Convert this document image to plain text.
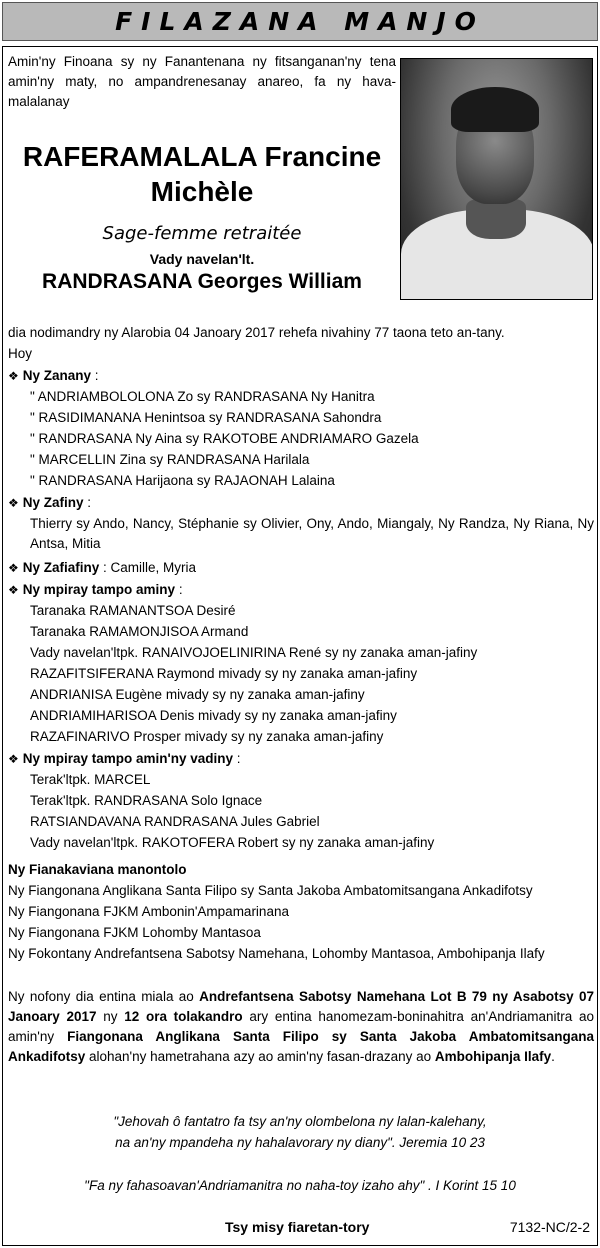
FILAZANA MANJO
Amin'ny Finoana sy ny Fanantenana ny fitsanganan'ny tena amin'ny maty, no ampandrenesanay anareo, fa ny hava-malalanay
RAFERAMALALA Francine
Michèle
Sage-femme retraitée
Vady navelan'lt.
RANDRASANA Georges William
dia nodimandry ny Alarobia 04 Janoary 2017 rehefa nivahiny 77 taona teto an-tany.
Hoy
❖ Ny Zanany :
" ANDRIAMBOLOLONA Zo sy RANDRASANA Ny Hanitra
" RASIDIMANANA Henintsoa sy RANDRASANA Sahondra
" RANDRASANA Ny Aina sy RAKOTOBE ANDRIAMARO Gazela
" MARCELLIN Zina sy RANDRASANA Harilala
" RANDRASANA Harijaona sy RAJAONAH Lalaina
❖ Ny Zafiny :
Thierry sy Ando, Nancy, Stéphanie sy Olivier, Ony, Ando, Miangaly, Ny Randza, Ny Riana, Ny Antsa, Mitia
❖ Ny Zafiafiny : Camille, Myria
❖ Ny mpiray tampo aminy :
Taranaka RAMANANTSOA Desiré
Taranaka RAMAMONJISOA Armand
Vady navelan'ltpk. RANAIVOJOELINIRINA René sy ny zanaka aman-jafiny
RAZAFITSIFERANA Raymond mivady sy ny zanaka aman-jafiny
ANDRIANISA Eugène mivady sy ny zanaka aman-jafiny
ANDRIAMIHARISOA Denis mivady sy ny zanaka aman-jafiny
RAZAFINARIVO Prosper mivady sy ny zanaka aman-jafiny
❖ Ny mpiray tampo amin'ny vadiny :
Terak'ltpk. MARCEL
Terak'ltpk. RANDRASANA Solo Ignace
RATSIANDAVANA RANDRASANA Jules Gabriel
Vady navelan'ltpk. RAKOTOFERA Robert sy ny zanaka aman-jafiny
Ny Fianakaviana manontolo
Ny Fiangonana Anglikana Santa Filipo sy Santa Jakoba Ambatomitsangana Ankadifotsy
Ny Fiangonana FJKM Ambonin'Ampamarinana
Ny Fiangonana FJKM Lohomby Mantasoa
Ny Fokontany Andrefantsena Sabotsy Namehana, Lohomby Mantasoa, Ambohipanja Ilafy
Ny nofony dia entina miala ao Andrefantsena Sabotsy Namehana Lot B 79 ny Asabotsy 07 Janoary 2017 ny 12 ora tolakandro ary entina hanomezam-boninahitra an'Andriamanitra ao amin'ny Fiangonana Anglikana Santa Filipo sy Santa Jakoba Ambatomitsangana Ankadifotsy alohan'ny hametrahana azy ao amin'ny fasan-drazany ao Ambohipanja Ilafy.
"Jehovah ô fantatro fa tsy an'ny olombelona ny lalan-kalehany,
na an'ny mpandeha ny hahalavorary ny diany". Jeremia 10 23
"Fa ny fahasoavan'Andriamanitra no naha-toy izaho ahy" . I Korint 15 10
Tsy misy fiaretan-tory	7132-NC/2-2
